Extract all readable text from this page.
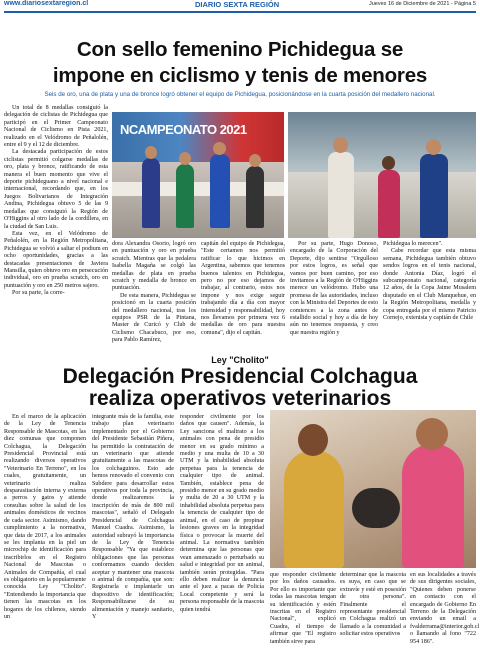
www.diariosextaregion.cl	DIARIO SEXTA REGIÓN	Jueves 16 de Diciembre de 2021 - Página 5
Con sello femenino Pichidegua se
impone en ciclismo y tenis de menores
Seis de oro, una de plata y una de bronce logró obtener el equipo de Pichidegua, posicionándose en la cuarta posición del medallero nacional.

Un total de 8 medallas consiguió la delegación de ciclistas de Pichidegua que participó en el Primer Campeonato Nacional de Ciclismo en Pista 2021, realizado en el Velódromo de Peñalolén, entre el 9 y el 12 de diciembre.

La destacada participación de estos ciclistas permitió colgarse medallas de oro, plata y bronce, ratificando de esta manera el buen momento que vive el deporte pichideguano a nivel nacional e internacional, recordando que, en los Juegos Bolivarianos de Integración Andina, Pichidegua obtuvo 5 de las 9 medallas que consiguió la Región de O'Higgins al otro lado de la cordillera, en la ciudad de San Luis.

Esta vez, en el Velódromo de Peñalolén, en la Región Metropolitana, Pichidegua se volvió a saltar el podium en ocho oportunidades, gracias a las destacadas presentaciones de Javiera Mansilla, quien obtuvo oro en persecución individual, oro en prueba scratch, oro en puntuación y oro en 250 metros sajero.

Por su parte, la corre-

NCAMPEONATO 2021

dora Alexandra Osorio, logró oro en puntuación y oro en prueba scratch. Mientras que la pedalera Isabella Magaña se colgó las medallas de plata en prueba scratch y medalla de bronce en puntuación.

De esta manera, Pichidegua se posicionó en la cuarta posición del medallero nacional, tras los equipos PSR de la Pintana, Master de Curicó y Club de Ciclismo Chacabuco, por eso, para Pablo Ramírez,

capitán del equipo de Pichidegua, "Este certamen nos permitió ratificar lo que hicimos en Argentina, sabemos que tenemos buenos talentos en Pichidegua, pero no por eso dejamos de trabajar, al contrario, estos nos impone y nos exige seguir trabajando día a día con mayor intensidad y responsabilidad, hoy nos llevamos por primera vez 6 medallas de oro para nuestra comuna", dijo el capitán.

Por su parte, Hugo Donoso, encargado de la Corporación del Deporte, dijo sentirse "Orgulloso por estos logros, es señal que vamos por buen camino, por eso invitamos a la Región de O'Higgins merece un velódromo. Hubo una promesa de las autoridades, incluso con la Ministra del Deportes de esto comiences a la zona antes de estallido social y hoy a día de hoy aún no tenemos respuesta, y creo que nuestra región y

Pichidegua lo merecen".

Cabe recordar que esta misma semana, Pichidegua también obtuvo sendos logros en el tenis nacional, donde Antonia Díaz, logró el subcampeonato nacional, categoría 12 años, de la Copa Jaime Musalem disputado en el Club Manquehue, en la Región Metropolitana, medalla y copa entregada por el mismo Patricio Cornejo, extenista y capitán de Chile

Ley "Cholito"
Delegación Presidencial Colchagua
realiza operativos veterinarios

En el marco de la aplicación de la Ley de Tenencia Responsable de Mascotas, en las diez comunas que componen Colchagua, la Delegación Presidencial Provincial está realizando diversos operativos "Veterinario En Terreno", en los cuales, gratuitamente, un veterinario realiza desparasitación interna y externa a perros y gatos y atiende consultas sobre la salud de los animales domésticos de vecinos de cada sector. Asimismo, dando cumplimiento a la normativa, que data de 2017, a los animales se les implanta en la piel un microchip de identificación para inscribirlos en el Registro Nacional de Mascotas o Animales de Compañía, el cual es obligatorio en la popularmente conocida Ley "Cholito". "Entendiendo la importancia que tienen las mascotas en los hogares de los chilenos, siendo un

integrante más de la familia, este trabajo plan veterinario implementado por el Gobierno del Presidente Sebastián Piñera, ha permitido la contratación de un veterinario que atiende gratuitamente a las mascotas de los colchaguinos. Esto ade hemos renovado el convenio con Subdere para desarrollar estos operativos por toda la provincia, donde realizaremos la inscripción de más de 800 mil mascotas", señaló el Delegado Presidencial de Colchagua Manuel Cuadra. Asimismo, la autoridad subrayó la importancia de la Ley de Tenencia Responsable "Ya que establece obligaciones que las personas conformamos cuando deciden aceptar y mantener una mascota o animal de compañía, que son: Registrarla e implantarle un dispositivo de identificación; Responsabilizarse de su alimentación y manejo sanitario, Y

responder civilmente por los daños que causen". Además, la Ley sanciona el maltrato a los animales con pena de presidio menor en su grado mínimo a medio y una multa de 10 a 30 UTM y la inhabilidad absoluta perpetua para la tenencia de cualquier tipo de animal. También, establece pena de presidio menor en su grado medio y multa de 20 a 30 UTM y la inhabilidad absoluta perpetua para la tenencia de cualquier tipo de animal, en el caso de propinar lesiones graves en la integridad física o provocar la muerte del animal. La normativa también determina que las personas que vean amenazado o perturbado su salud e integridad por un animal, también serán protegidas. "Para ello deben realizar la denuncia ante el juez a pacas de Policía Local competente y será la persona responsable de la mascota quien tendrá

que responder civilmente por los daños causados. Por ello es importante que todas las mascotas tengan su identificación y estén inscritas en el Registro Nacional", explicó Cuadra, el tiempo de afirmar que "El registro también sirve para

determinar que la mascota es suya, en caso que se extravíe y esté en posesión de otra persona". Finalmente el representante presidencial en Colchagua realizó un llamado a la comunidad a solicitar estos operativos

en sus localidades a través de sus dirigentes sociales, "Quienes deben ponerse en contacto con el encargado de Gobierno En Terreno de la Delegación enviando un email a fvalderrama@interior.gob.cl o llamando al fono "722 954 186".
